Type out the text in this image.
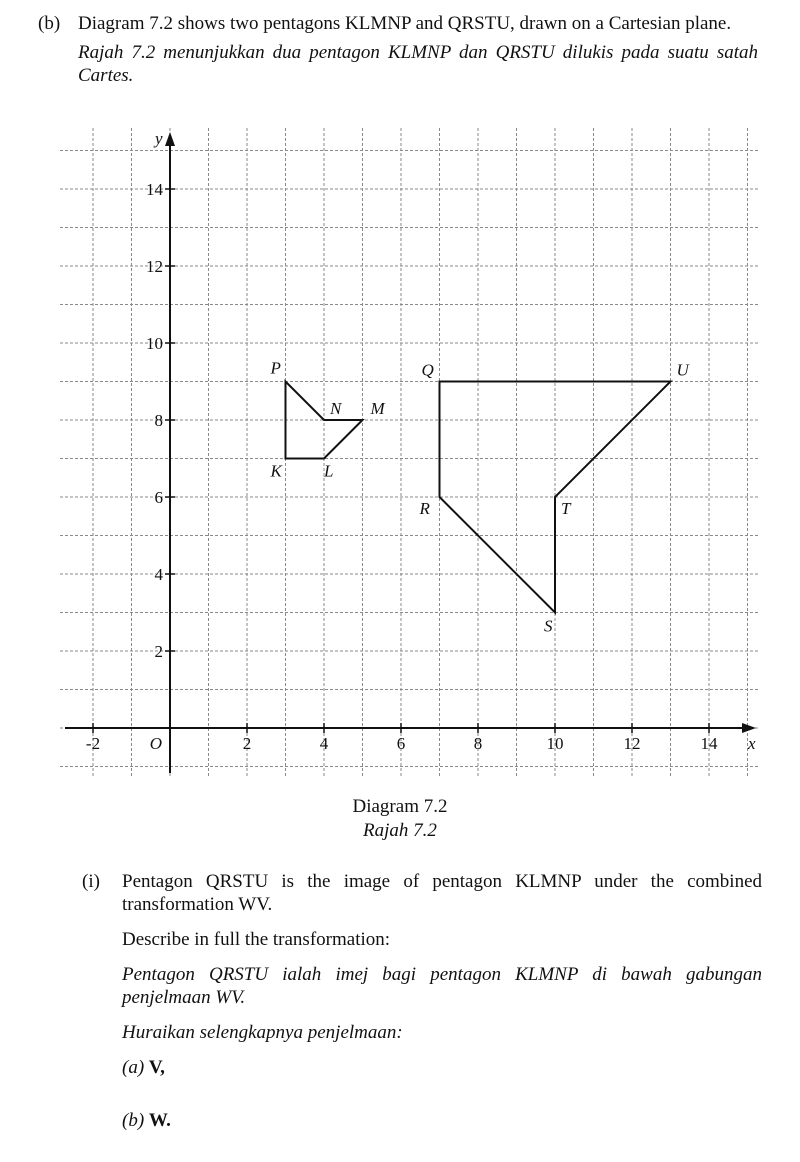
(b) Diagram 7.2 shows two pentagons KLMNP and QRSTU, drawn on a Cartesian plane.
Rajah 7.2 menunjukkan dua pentagon KLMNP dan QRSTU dilukis pada suatu satah Cartes.
x
y
O
-2	2	4	6	8	10	12	14
2
4
6
8
10
12
14
K L
M
N
P	Q
R
S
T
U
Diagram 7.2
Rajah 7.2
(i)	Pentagon QRSTU is the image of pentagon KLMNP under the combined transformation WV.

Describe in full the transformation:

Pentagon QRSTU ialah imej bagi pentagon KLMNP di bawah gabungan penjelmaan WV.

Huraikan selengkapnya penjelmaan:

(a) V,

(b) W.
